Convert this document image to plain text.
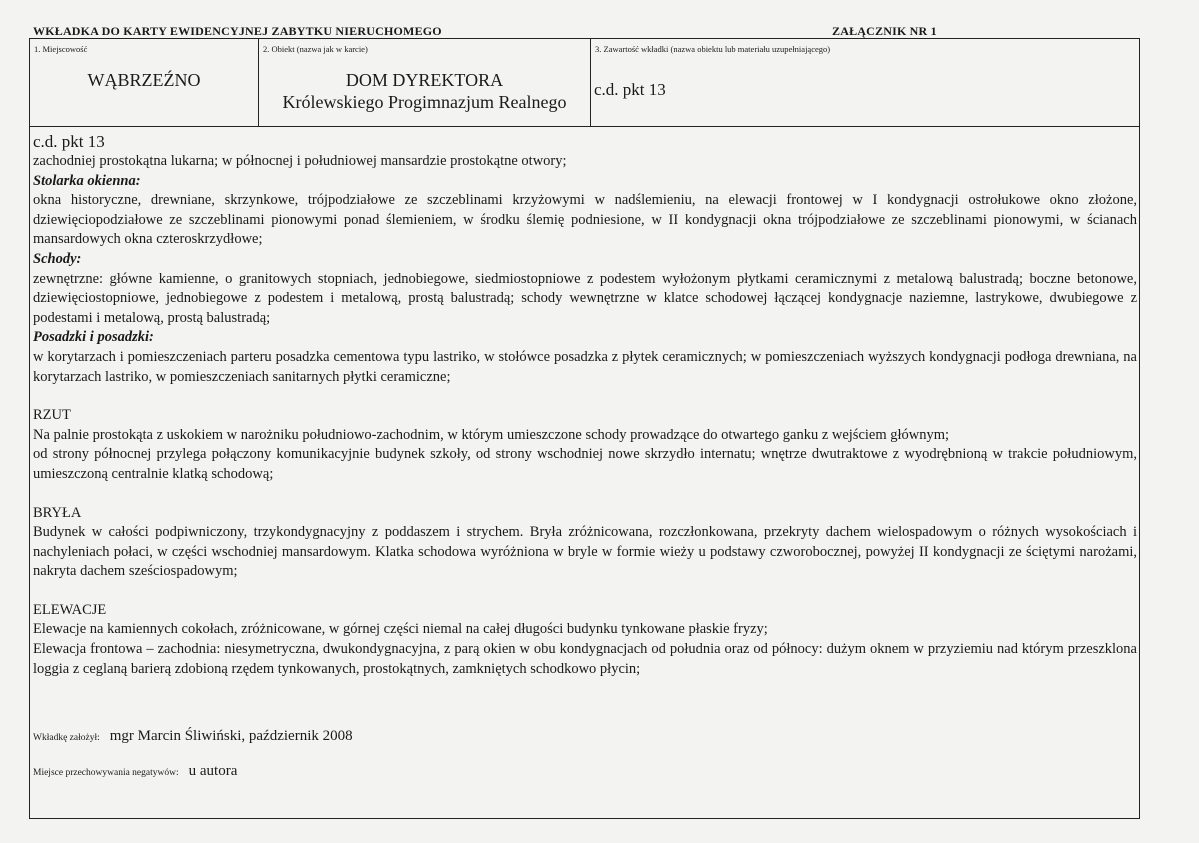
WKŁADKA DO KARTY EWIDENCYJNEJ ZABYTKU NIERUCHOMEGO	ZAŁĄCZNIK NR 1
1. Miejscowość
WĄBRZEŹNO
2. Obiekt (nazwa jak w karcie)
DOM DYREKTORA
Królewskiego Progimnazjum Realnego
3. Zawartość wkładki (nazwa obiektu lub materiału uzupełniającego)
c.d. pkt 13

c.d. pkt 13

zachodniej prostokątna lukarna; w północnej i południowej mansardzie prostokątne otwory;

Stolarka okienna:

okna historyczne, drewniane, skrzynkowe, trójpodziałowe ze szczeblinami krzyżowymi w nadślemieniu, na elewacji frontowej w I kondygnacji ostrołukowe okno złożone, dziewięciopodziałowe ze szczeblinami pionowymi ponad ślemieniem, w środku ślemię podniesione, w II kondygnacji okna trójpodziałowe ze szczeblinami pionowymi, w ścianach mansardowych okna czteroskrzydłowe;

Schody:

zewnętrzne: główne kamienne, o granitowych stopniach, jednobiegowe, siedmiostopniowe z podestem wyłożonym płytkami ceramicznymi z metalową balustradą; boczne betonowe, dziewięciostopniowe, jednobiegowe z podestem i metalową, prostą balustradą; schody wewnętrzne w klatce schodowej łączącej kondygnacje naziemne, lastrykowe, dwubiegowe z podestami i metalową, prostą balustradą;

Posadzki i posadzki:

w korytarzach i pomieszczeniach parteru posadzka cementowa typu lastriko, w stołówce posadzka z płytek ceramicznych; w pomieszczeniach wyższych kondygnacji podłoga drewniana, na korytarzach lastriko, w pomieszczeniach sanitarnych płytki ceramiczne;

RZUT

Na palnie prostokąta z uskokiem w narożniku południowo-zachodnim, w którym umieszczone schody prowadzące do otwartego ganku z wejściem głównym;

od strony północnej przylega połączony komunikacyjnie budynek szkoły, od strony wschodniej nowe skrzydło internatu; wnętrze dwutraktowe z wyodrębnioną w trakcie południowym, umieszczoną centralnie klatką schodową;

BRYŁA

Budynek w całości podpiwniczony, trzykondygnacyjny z poddaszem i strychem. Bryła zróżnicowana, rozczłonkowana, przekryty dachem wielospadowym o różnych wysokościach i nachyleniach połaci, w części wschodniej mansardowym. Klatka schodowa wyróżniona w bryle w formie wieży u podstawy czworobocznej, powyżej II kondygnacji ze ściętymi narożami, nakryta dachem sześciospadowym;

ELEWACJE

Elewacje na kamiennych cokołach, zróżnicowane, w górnej części niemal na całej długości budynku tynkowane płaskie fryzy;

Elewacja frontowa – zachodnia: niesymetryczna, dwukondygnacyjna, z parą okien w obu kondygnacjach od południa oraz od północy: dużym oknem w przyziemiu nad którym przeszklona loggia z ceglaną barierą zdobioną rzędem tynkowanych, prostokątnych, zamkniętych schodkowo płycin;

Wkładkę założył: mgr Marcin Śliwiński, październik 2008
Miejsce przechowywania negatywów: u autora
